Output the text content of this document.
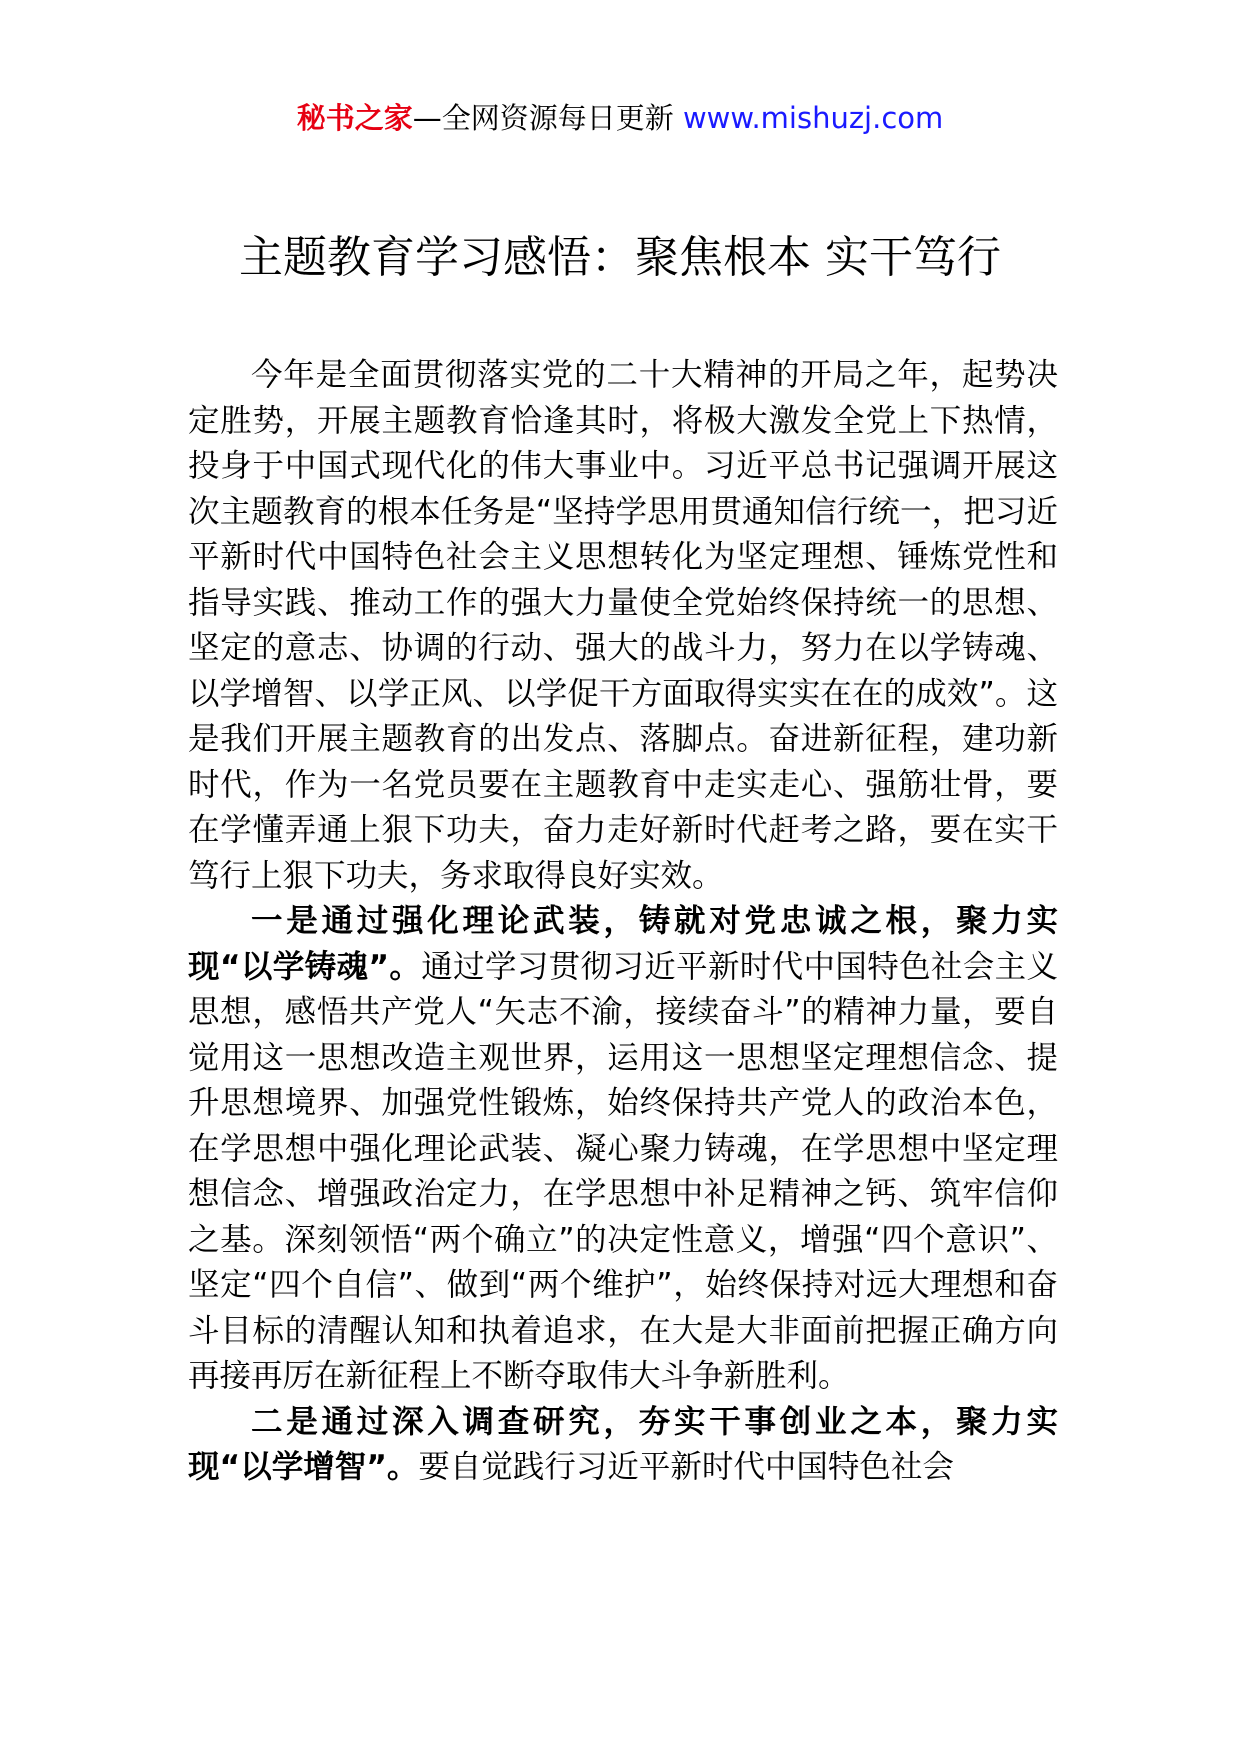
秘书之家—全网资源每日更新 www.mishuzj.com
主题教育学习感悟：聚焦根本 实干笃行

今年是全面贯彻落实党的二十大精神的开局之年，起势决定胜势，开展主题教育恰逢其时，将极大激发全党上下热情，投身于中国式现代化的伟大事业中。习近平总书记强调开展这次主题教育的根本任务是“坚持学思用贯通知信行统一，把习近平新时代中国特色社会主义思想转化为坚定理想、锤炼党性和指导实践、推动工作的强大力量使全党始终保持统一的思想、坚定的意志、协调的行动、强大的战斗力，努力在以学铸魂、以学增智、以学正风、以学促干方面取得实实在在的成效”。这是我们开展主题教育的出发点、落脚点。奋进新征程，建功新时代，作为一名党员要在主题教育中走实走心、强筋壮骨，要在学懂弄通上狠下功夫，奋力走好新时代赶考之路，要在实干笃行上狠下功夫，务求取得良好实效。

一是通过强化理论武装，铸就对党忠诚之根，聚力实现“以学铸魂”。通过学习贯彻习近平新时代中国特色社会主义思想，感悟共产党人“矢志不渝，接续奋斗”的精神力量，要自觉用这一思想改造主观世界，运用这一思想坚定理想信念、提升思想境界、加强党性锻炼，始终保持共产党人的政治本色，在学思想中强化理论武装、凝心聚力铸魂，在学思想中坚定理想信念、增强政治定力，在学思想中补足精神之钙、筑牢信仰之基。深刻领悟“两个确立”的决定性意义，增强“四个意识”、坚定“四个自信”、做到“两个维护”，始终保持对远大理想和奋斗目标的清醒认知和执着追求，在大是大非面前把握正确方向再接再厉在新征程上不断夺取伟大斗争新胜利。

二是通过深入调查研究，夯实干事创业之本，聚力实现“以学增智”。要自觉践行习近平新时代中国特色社会
